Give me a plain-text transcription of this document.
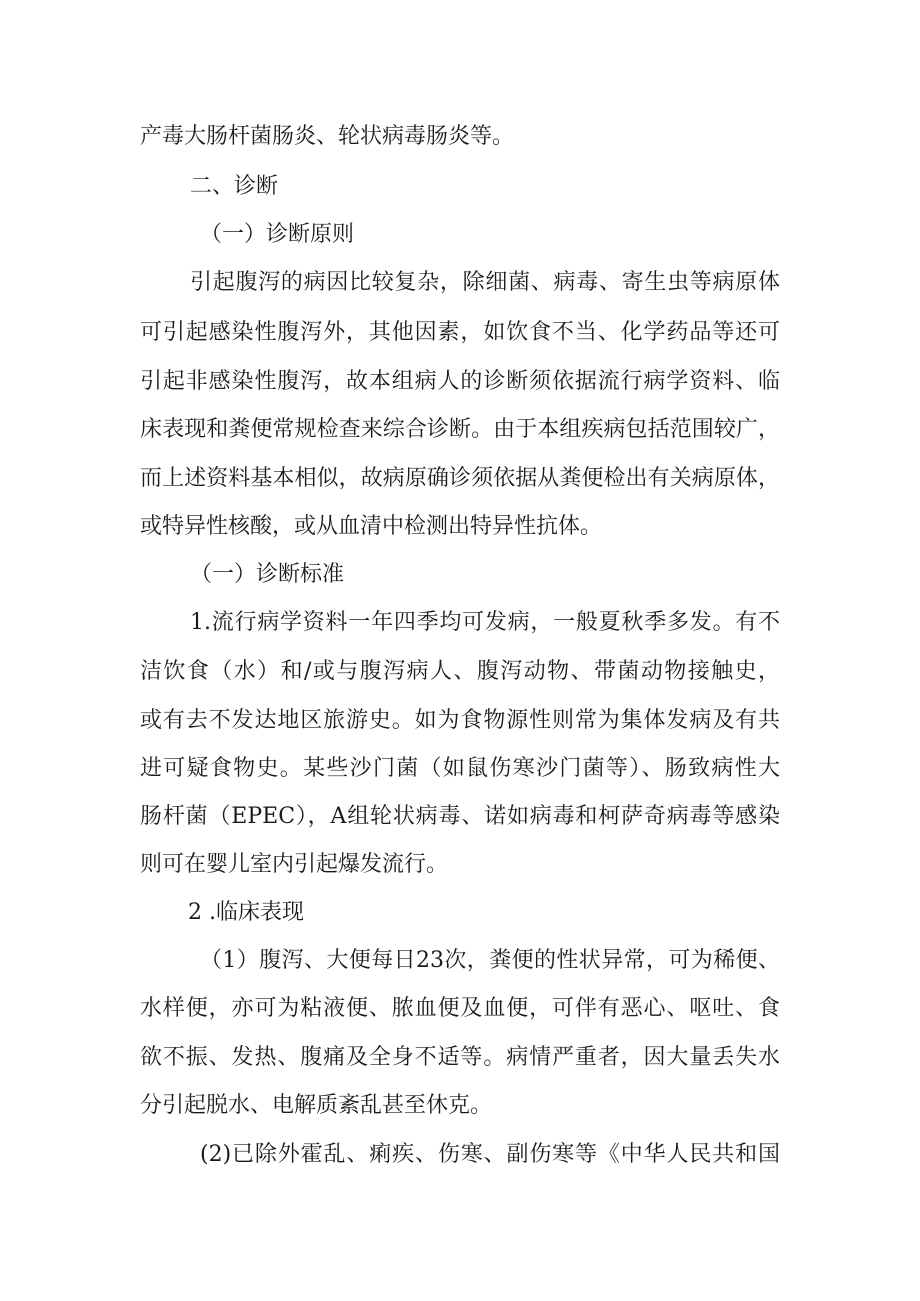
产毒大肠杆菌肠炎、轮状病毒肠炎等。
二、诊断
（一）诊断原则
引起腹泻的病因比较复杂，除细菌、病毒、寄生虫等病原体
可引起感染性腹泻外，其他因素，如饮食不当、化学药品等还可
引起非感染性腹泻，故本组病人的诊断须依据流行病学资料、临
床表现和粪便常规检查来综合诊断。由于本组疾病包括范围较广，
而上述资料基本相似，故病原确诊须依据从粪便检出有关病原体，
或特异性核酸，或从血清中检测出特异性抗体。
（一）诊断标准
1.流行病学资料一年四季均可发病，一般夏秋季多发。有不
洁饮食（水）和/或与腹泻病人、腹泻动物、带菌动物接触史，
或有去不发达地区旅游史。如为食物源性则常为集体发病及有共
进可疑食物史。某些沙门菌（如鼠伤寒沙门菌等）、肠致病性大
肠杆菌（EPEC），A组轮状病毒、诺如病毒和柯萨奇病毒等感染
则可在婴儿室内引起爆发流行。
2 .临床表现
（1）腹泻、大便每日23次，粪便的性状异常，可为稀便、
水样便，亦可为粘液便、脓血便及血便，可伴有恶心、呕吐、食
欲不振、发热、腹痛及全身不适等。病情严重者，因大量丢失水
分引起脱水、电解质紊乱甚至休克。
(2)已除外霍乱、痢疾、伤寒、副伤寒等《中华人民共和国
